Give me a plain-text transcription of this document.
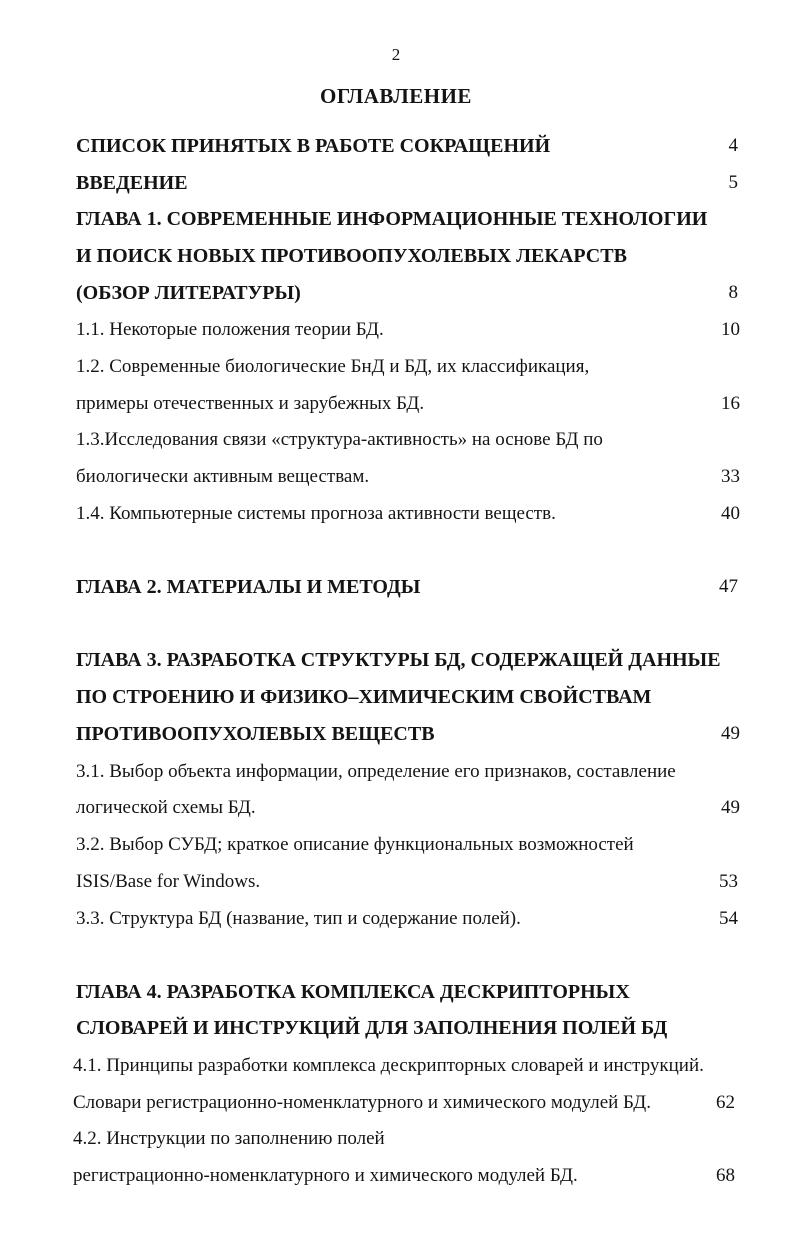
2
ОГЛАВЛЕНИЕ
СПИСОК ПРИНЯТЫХ В РАБОТЕ СОКРАЩЕНИЙ	4
ВВЕДЕНИЕ	5
ГЛАВА 1. СОВРЕМЕННЫЕ ИНФОРМАЦИОННЫЕ ТЕХНОЛОГИИ
И ПОИСК НОВЫХ ПРОТИВООПУХОЛЕВЫХ ЛЕКАРСТВ
(ОБЗОР ЛИТЕРАТУРЫ)	8
1.1. Некоторые положения теории БД.	10
1.2. Современные биологические БнД и БД, их классификация,
примеры отечественных и зарубежных БД.	16
1.3.Исследования связи «структура-активность» на основе БД по
биологически активным веществам.	33
1.4. Компьютерные системы прогноза активности веществ.	40
ГЛАВА 2. МАТЕРИАЛЫ И МЕТОДЫ	47
ГЛАВА 3. РАЗРАБОТКА СТРУКТУРЫ БД, СОДЕРЖАЩЕЙ ДАННЫЕ
ПО СТРОЕНИЮ И ФИЗИКО–ХИМИЧЕСКИМ СВОЙСТВАМ
ПРОТИВООПУХОЛЕВЫХ ВЕЩЕСТВ	49
3.1. Выбор объекта информации, определение его признаков, составление
логической схемы БД.	49
3.2. Выбор СУБД; краткое описание функциональных возможностей
ISIS/Base for Windows.	53
3.3. Структура БД (название, тип и содержание полей).	54
ГЛАВА 4. РАЗРАБОТКА КОМПЛЕКСА ДЕСКРИПТОРНЫХ
СЛОВАРЕЙ И ИНСТРУКЦИЙ ДЛЯ ЗАПОЛНЕНИЯ ПОЛЕЙ БД
4.1. Принципы разработки комплекса дескрипторных словарей и инструкций.
Словари регистрационно-номенклатурного и химического модулей БД.	62
4.2. Инструкции по заполнению полей
регистрационно-номенклатурного и химического модулей БД.	68
